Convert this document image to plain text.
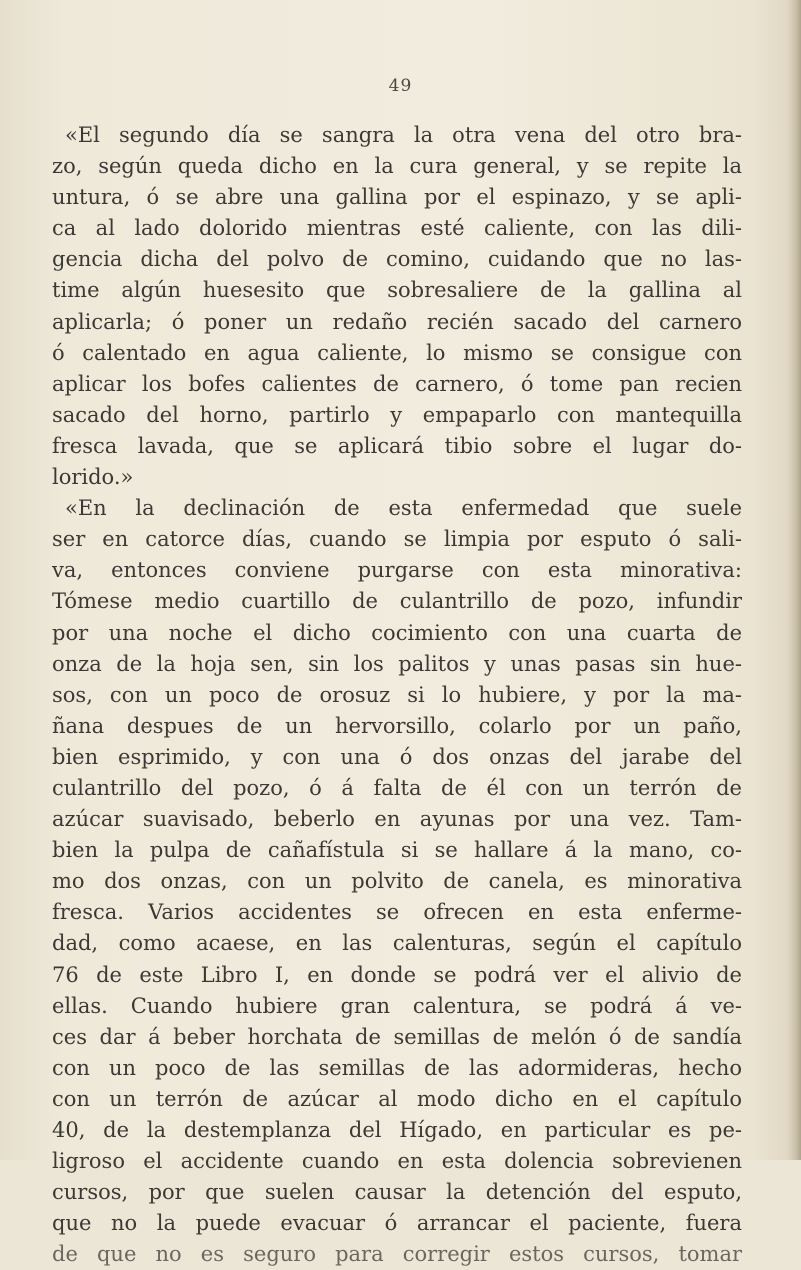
49
«El segundo día se sangra la otra vena del otro bra-
zo, según queda dicho en la cura general, y se repite la
untura, ó se abre una gallina por el espinazo, y se apli-
ca al lado dolorido mientras esté caliente, con las dili-
gencia dicha del polvo de comino, cuidando que no las-
time algún huesesito que sobresaliere de la gallina al
aplicarla; ó poner un redaño recién sacado del carnero
ó calentado en agua caliente, lo mismo se consigue con
aplicar los bofes calientes de carnero, ó tome pan recien
sacado del horno, partirlo y empaparlo con mantequilla
fresca lavada, que se aplicará tibio sobre el lugar do-
lorido.»
«En la declinación de esta enfermedad que suele
ser en catorce días, cuando se limpia por esputo ó sali-
va, entonces conviene purgarse con esta minorativa:
Tómese medio cuartillo de culantrillo de pozo, infundir
por una noche el dicho cocimiento con una cuarta de
onza de la hoja sen, sin los palitos y unas pasas sin hue-
sos, con un poco de orosuz si lo hubiere, y por la ma-
ñana despues de un hervorsillo, colarlo por un paño,
bien esprimido, y con una ó dos onzas del jarabe del
culantrillo del pozo, ó á falta de él con un terrón de
azúcar suavisado, beberlo en ayunas por una vez. Tam-
bien la pulpa de cañafístula si se hallare á la mano, co-
mo dos onzas, con un polvito de canela, es minorativa
fresca. Varios accidentes se ofrecen en esta enferme-
dad, como acaese, en las calenturas, según el capítulo
76 de este Libro I, en donde se podrá ver el alivio de
ellas. Cuando hubiere gran calentura, se podrá á ve-
ces dar á beber horchata de semillas de melón ó de sandía
con un poco de las semillas de las adormideras, hecho
con un terrón de azúcar al modo dicho en el capítulo
40, de la destemplanza del Hígado, en particular es pe-
ligroso el accidente cuando en esta dolencia sobrevienen
cursos, por que suelen causar la detención del esputo,
que no la puede evacuar ó arrancar el paciente, fuera
de que no es seguro para corregir estos cursos, tomar
